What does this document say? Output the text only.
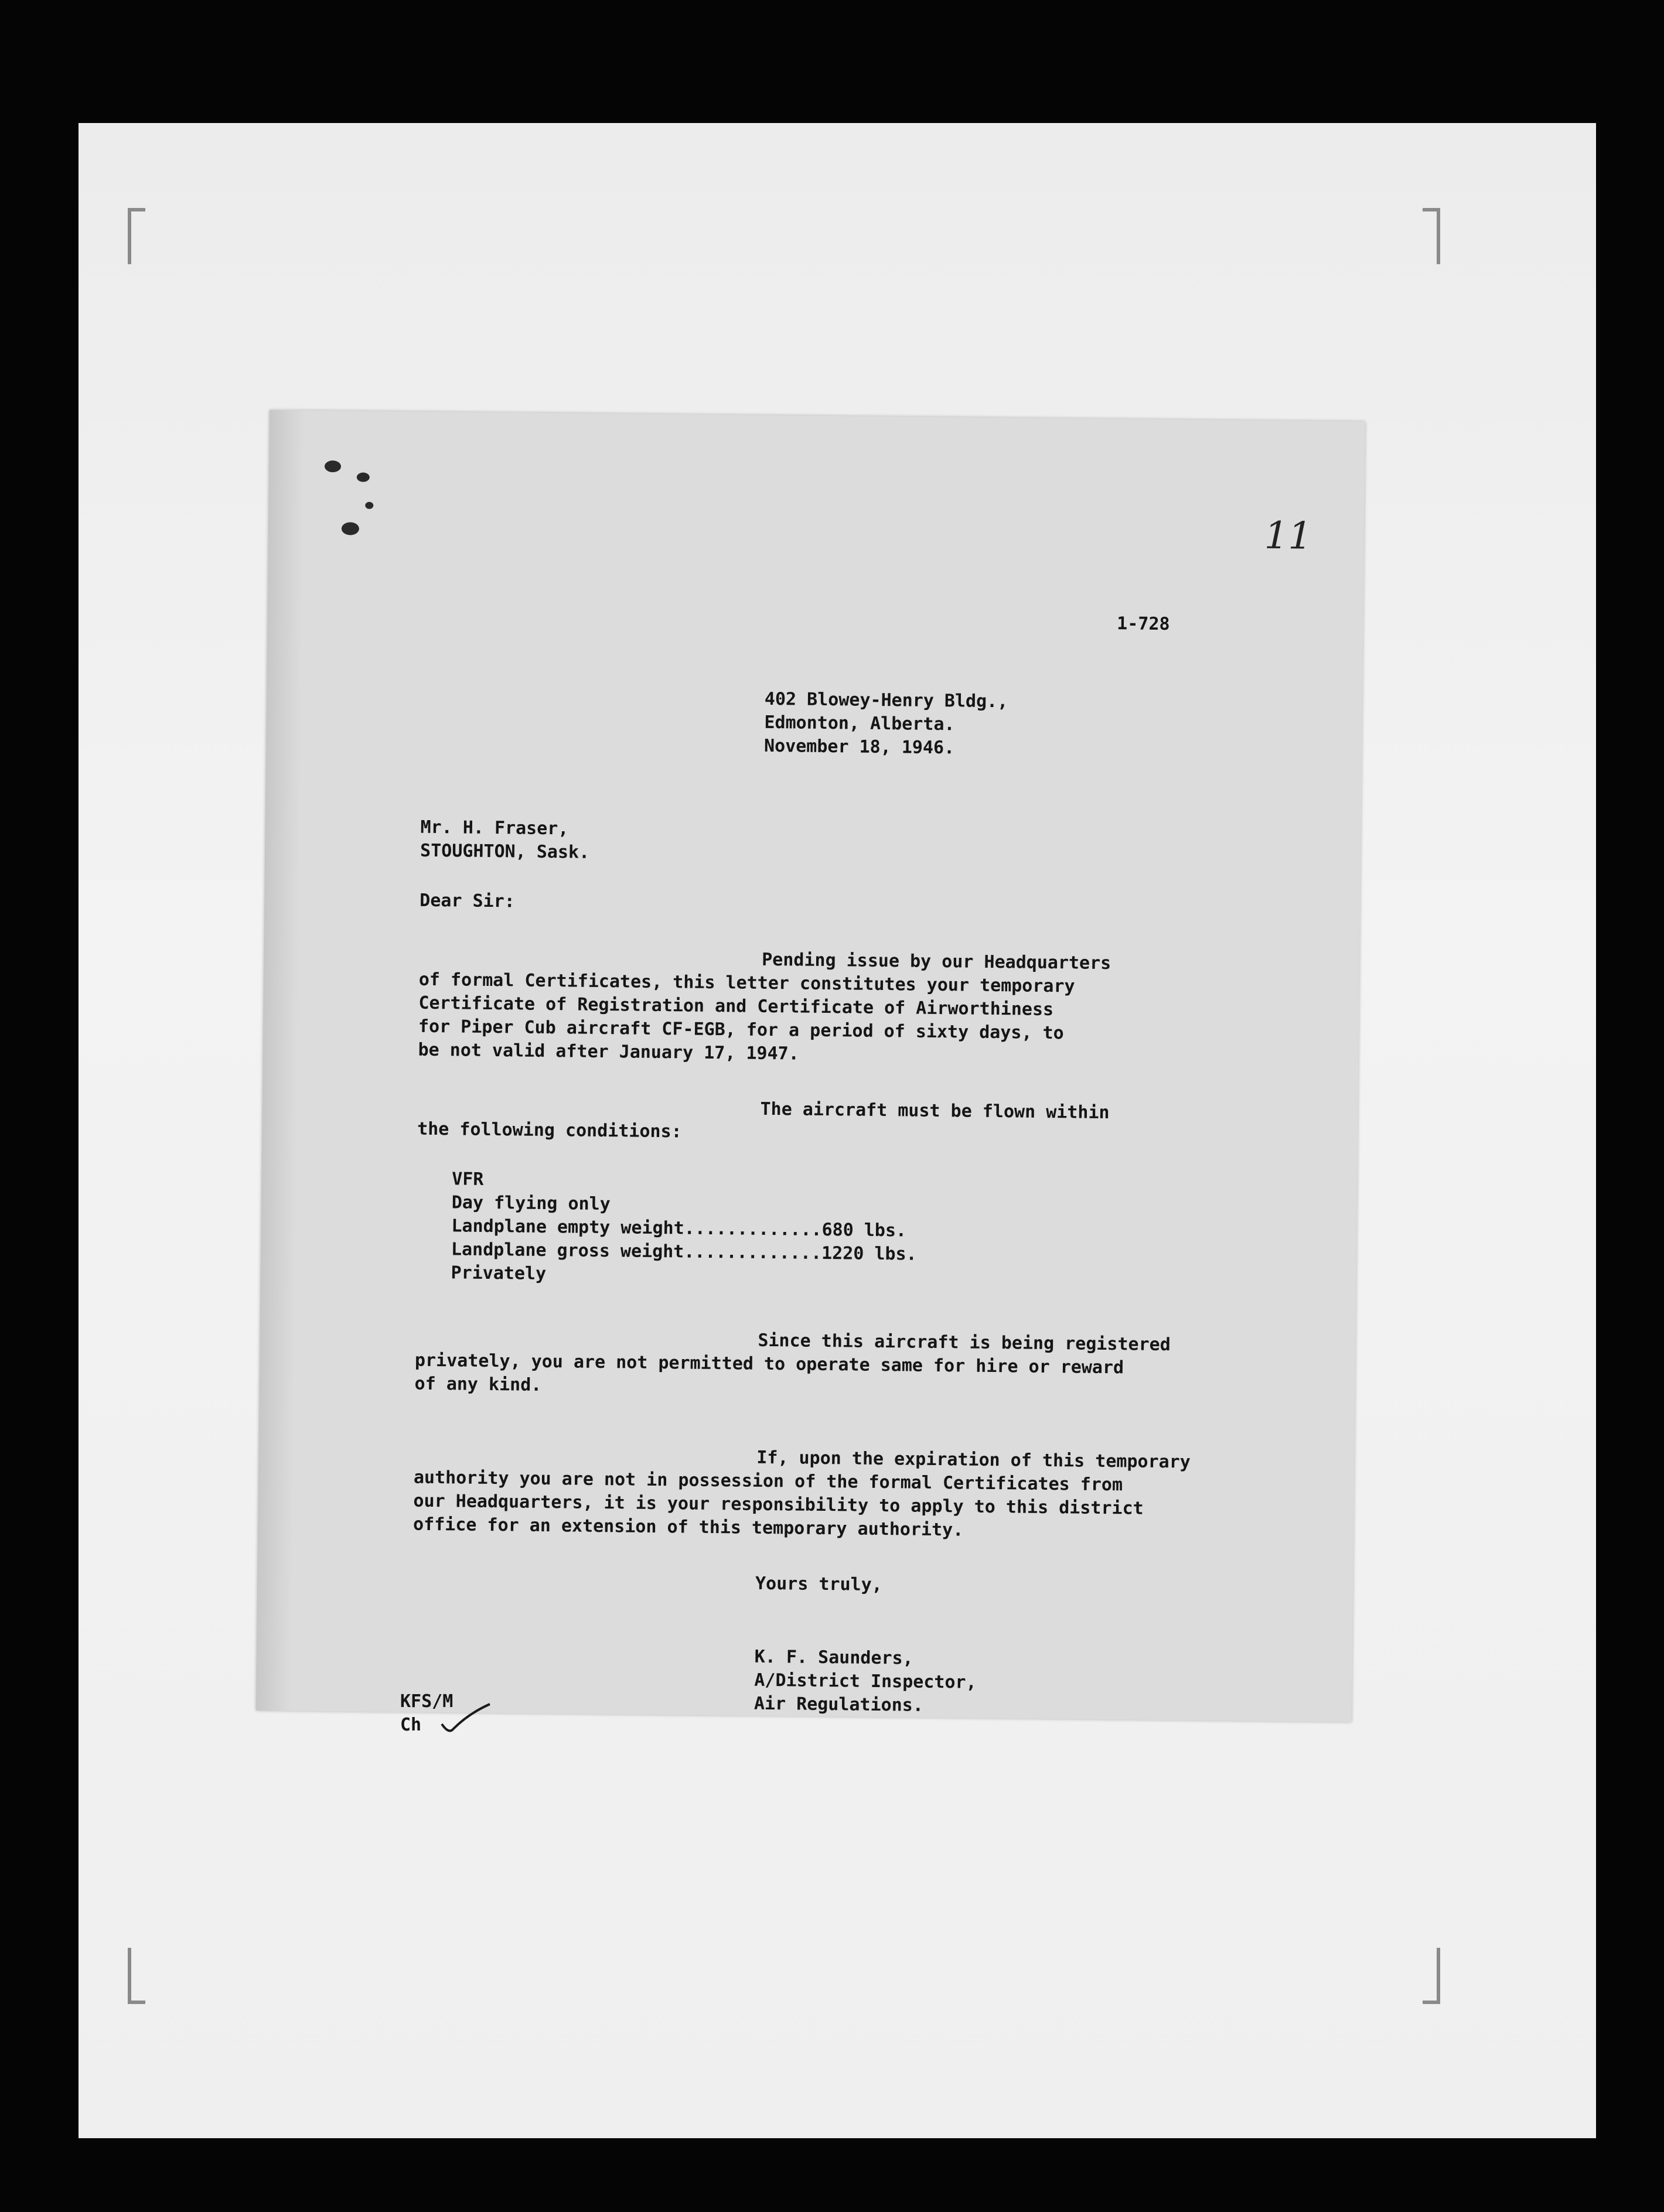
11
1-728
402 Blowey-Henry Bldg.,
Edmonton, Alberta.
November 18, 1946.
Mr. H. Fraser,
STOUGHTON, Sask.
Dear Sir:
Pending issue by our Headquarters
of formal Certificates, this letter constitutes your temporary
Certificate of Registration and Certificate of Airworthiness
for Piper Cub aircraft CF-EGB, for a period of sixty days, to
be not valid after January 17, 1947.
The aircraft must be flown within
the following conditions:
VFR
Day flying only
Landplane empty weight.............680 lbs.
Landplane gross weight.............1220 lbs.
Privately
Since this aircraft is being registered
privately, you are not permitted to operate same for hire or reward
of any kind.
If, upon the expiration of this temporary
authority you are not in possession of the formal Certificates from
our Headquarters, it is your responsibility to apply to this district
office for an extension of this temporary authority.
Yours truly,
K. F. Saunders,
A/District Inspector,
Air Regulations.
KFS/M
Ch
